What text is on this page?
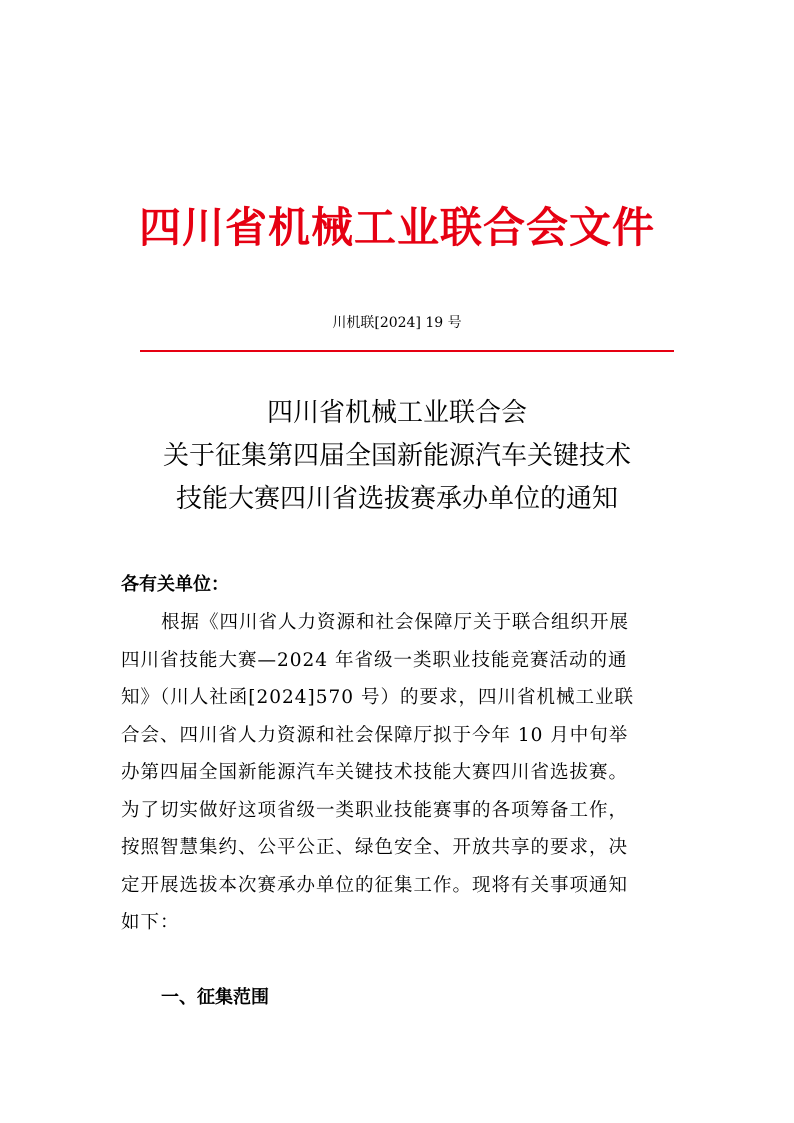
四川省机械工业联合会文件
川机联[2024] 19 号
四川省机械工业联合会
关于征集第四届全国新能源汽车关键技术
技能大赛四川省选拔赛承办单位的通知
各有关单位：
根据《四川省人力资源和社会保障厅关于联合组织开展
四川省技能大赛—2024 年省级一类职业技能竞赛活动的通
知》（川人社函[2024]570 号）的要求，四川省机械工业联
合会、四川省人力资源和社会保障厅拟于今年 10 月中旬举
办第四届全国新能源汽车关键技术技能大赛四川省选拔赛。
为了切实做好这项省级一类职业技能赛事的各项筹备工作，
按照智慧集约、公平公正、绿色安全、开放共享的要求，决
定开展选拔本次赛承办单位的征集工作。现将有关事项通知
如下：
一、征集范围
